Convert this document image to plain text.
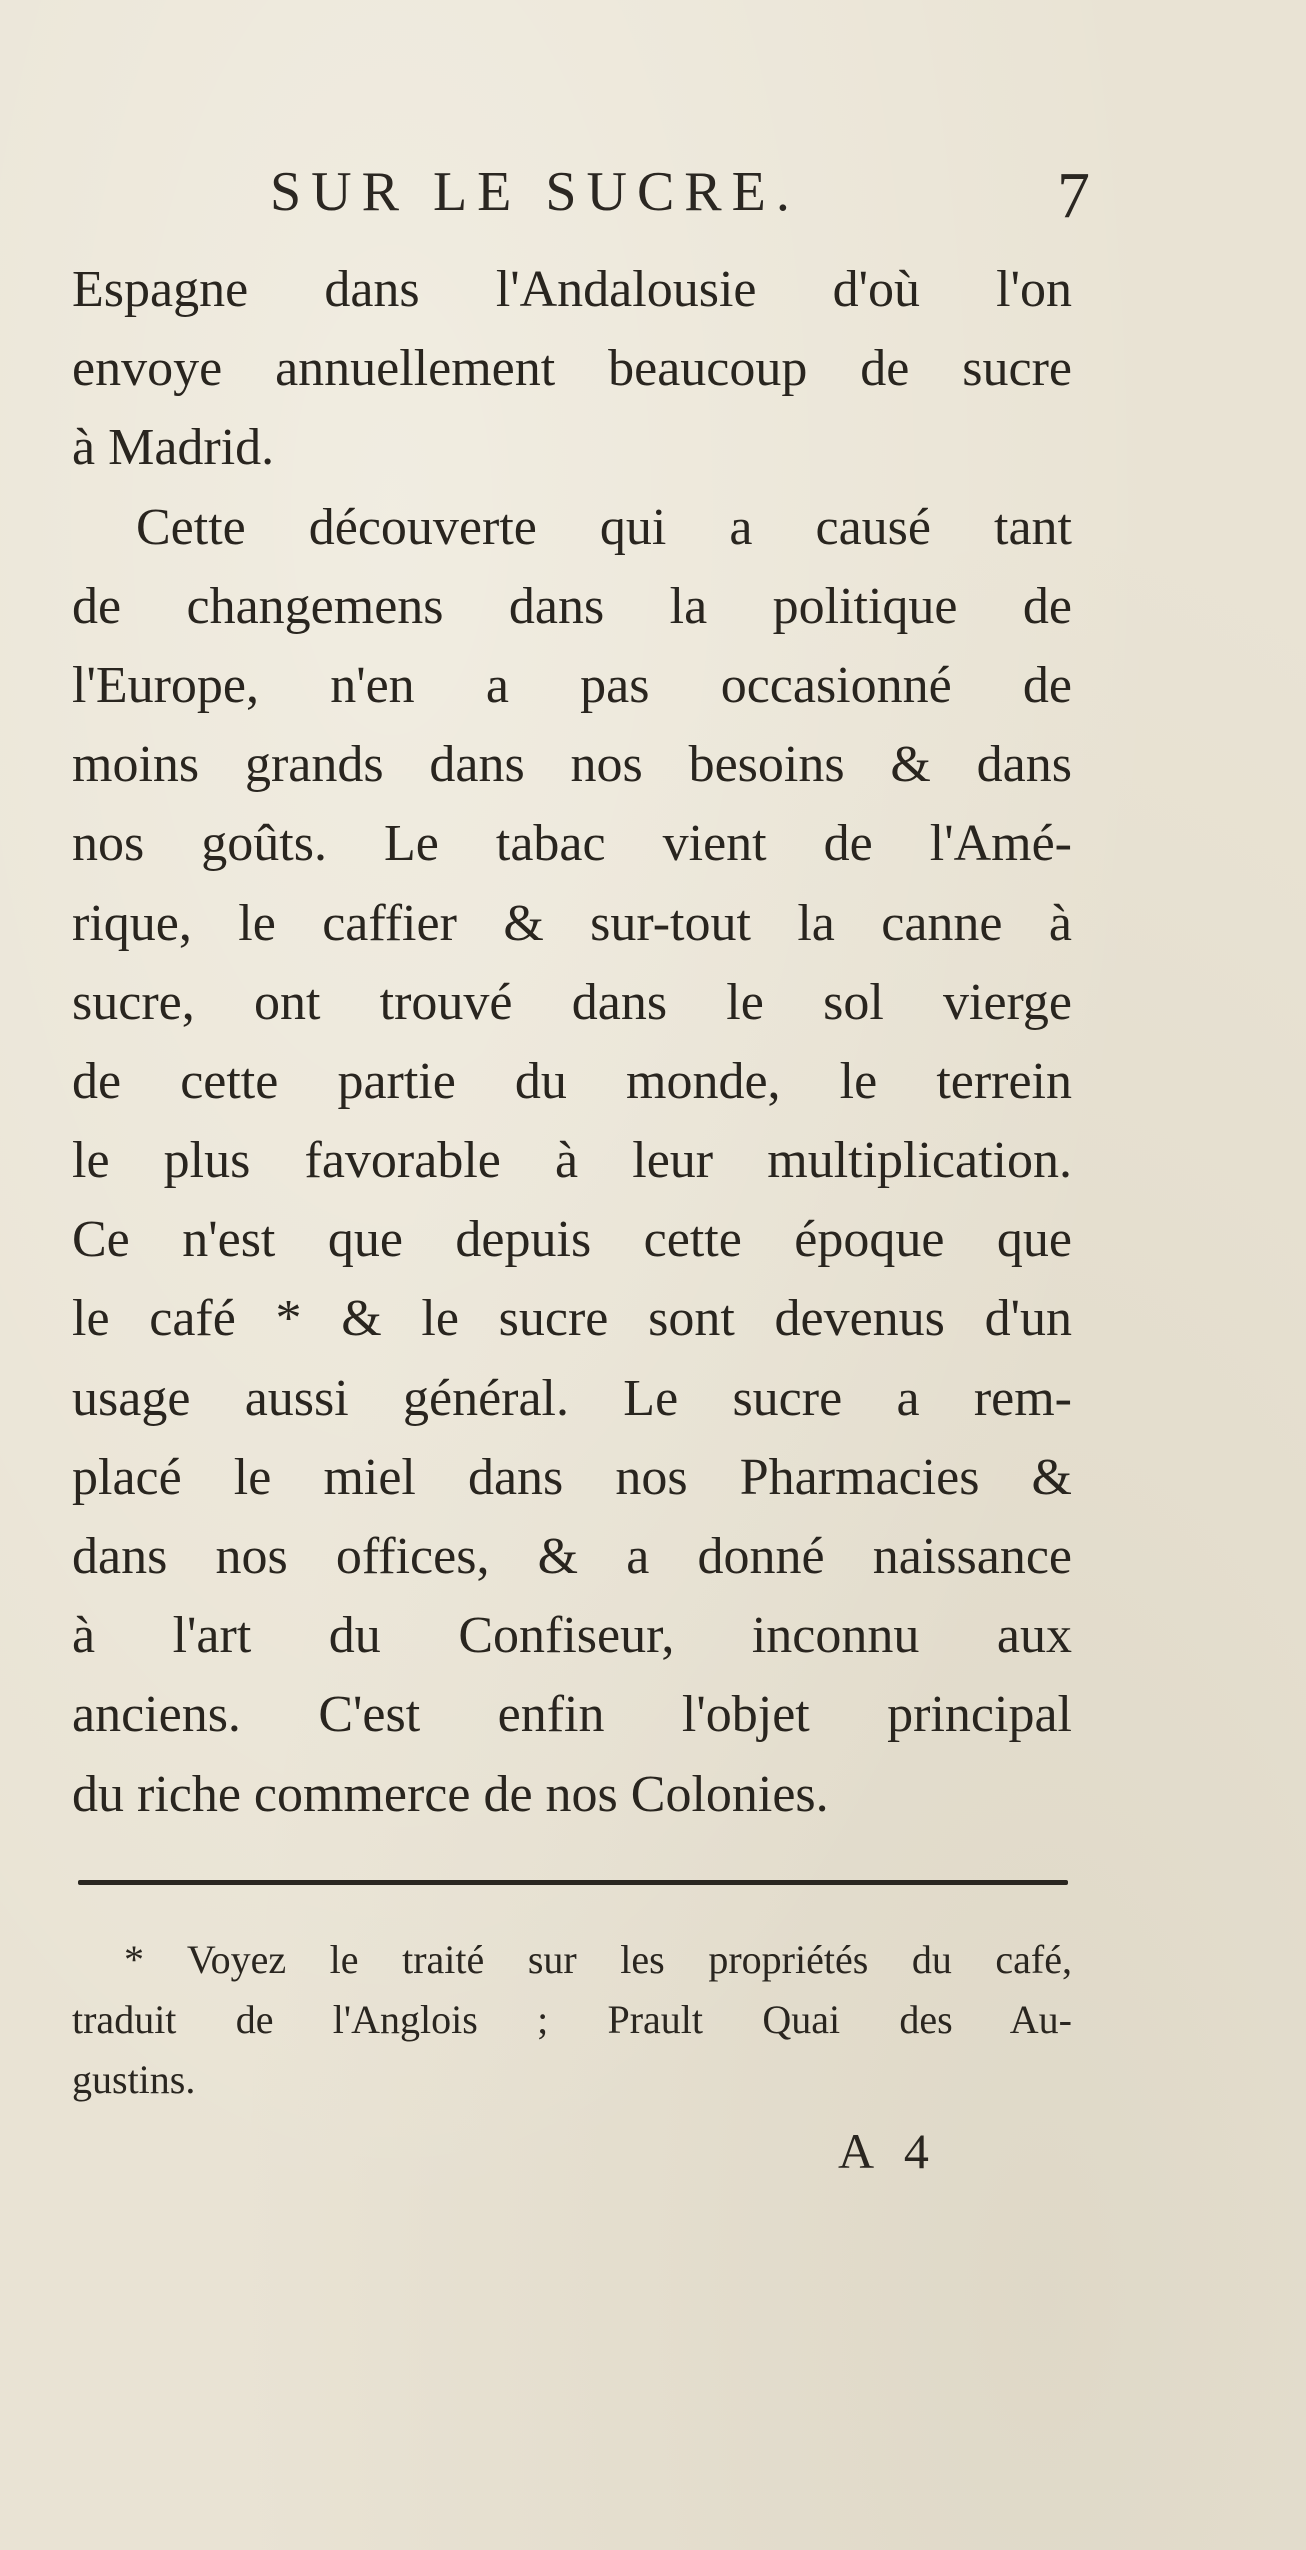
SUR LE SUCRE.	7
Espagne dans l'Andalousie d'où l'on
envoye annuellement beaucoup de sucre
à Madrid.
Cette découverte qui a causé tant
de changemens dans la politique de
l'Europe, n'en a pas occasionné de
moins grands dans nos besoins & dans
nos goûts. Le tabac vient de l'Amé-
rique, le caffier & sur-tout la canne à
sucre, ont trouvé dans le sol vierge
de cette partie du monde, le terrein
le plus favorable à leur multiplication.
Ce n'est que depuis cette époque que
le café * & le sucre sont devenus d'un
usage aussi général. Le sucre a rem-
placé le miel dans nos Pharmacies &
dans nos offices, & a donné naissance
à l'art du Confiseur, inconnu aux
anciens. C'est enfin l'objet principal
du riche commerce de nos Colonies.
* Voyez le traité sur les propriétés du café,
traduit de l'Anglois ; Prault Quai des Au-
gustins.
A 4
